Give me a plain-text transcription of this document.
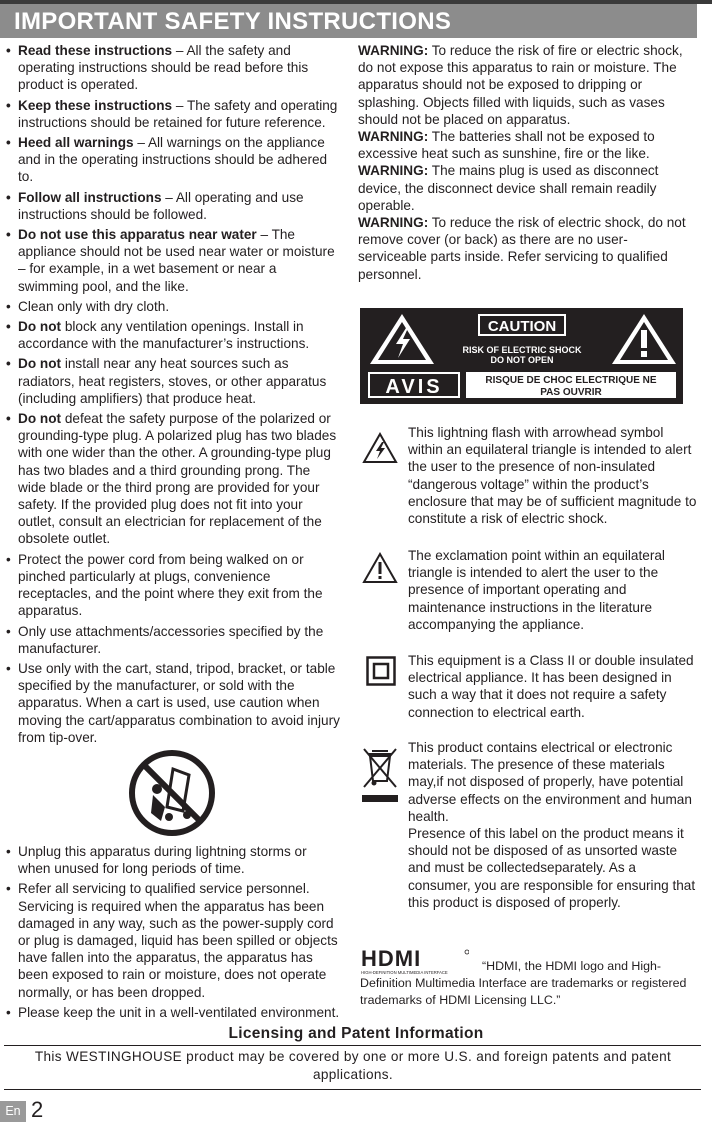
IMPORTANT SAFETY INSTRUCTIONS
• Read these instructions – All the safety and operating instructions should be read before this product is operated.
• Keep these instructions – The safety and operating instructions should be retained for future reference.
• Heed all warnings – All warnings on the appliance and in the operating instructions should be adhered to.
• Follow all instructions – All operating and use instructions should be followed.
• Do not use this apparatus near water – The appliance should not be used near water or moisture – for example, in a wet basement or near a swimming pool, and the like.
• Clean only with dry cloth.
• Do not block any ventilation openings. Install in accordance with the manufacturer’s instructions.
• Do not install near any heat sources such as radiators, heat registers, stoves, or other apparatus (including amplifiers) that produce heat.
• Do not defeat the safety purpose of the polarized or grounding-type plug. A polarized plug has two blades with one wider than the other. A grounding-type plug has two blades and a third grounding prong. The wide blade or the third prong are provided for your safety. If the provided plug does not fit into your outlet, consult an electrician for replacement of the obsolete outlet.
• Protect the power cord from being walked on or pinched particularly at plugs, convenience receptacles, and the point where they exit from the apparatus.
• Only use attachments/accessories specified by the manufacturer.
• Use only with the cart, stand, tripod, bracket, or table specified by the manufacturer, or sold with the apparatus. When a cart is used, use caution when moving the cart/apparatus combination to avoid injury from tip-over.
• Unplug this apparatus during lightning storms or when unused for long periods of time.
• Refer all servicing to qualified service personnel. Servicing is required when the apparatus has been damaged in any way, such as the power-supply cord or plug is damaged, liquid has been spilled or objects have fallen into the apparatus, the apparatus has been exposed to rain or moisture, does not operate normally, or has been dropped.
• Please keep the unit in a well-ventilated environment.
WARNING: To reduce the risk of fire or electric shock, do not expose this apparatus to rain or moisture. The apparatus should not be exposed to dripping or splashing. Objects filled with liquids, such as vases should not be placed on apparatus.
WARNING: The batteries shall not be exposed to excessive heat such as sunshine, fire or the like.
WARNING: The mains plug is used as disconnect device, the disconnect device shall remain readily operable.
WARNING: To reduce the risk of electric shock, do not remove cover (or back) as there are no user-serviceable parts inside. Refer servicing to qualified personnel.
CAUTION
RISK OF ELECTRIC SHOCK
DO NOT OPEN
AVIS	RISQUE DE CHOC ELECTRIQUE NE
PAS OUVRIR
This lightning flash with arrowhead symbol within an equilateral triangle is intended to alert the user to the presence of non-insulated “dangerous voltage” within the product’s enclosure that may be of sufficient magnitude to constitute a risk of electric shock.
The exclamation point within an equilateral triangle is intended to alert the user to the presence of important operating and maintenance instructions in the literature accompanying the appliance.
This equipment is a Class II or double insulated electrical appliance. It has been designed in such a way that it does not require a safety connection to electrical earth.
This product contains electrical or electronic materials. The presence of these materials may,if not disposed of properly, have potential adverse effects on the environment and human health.
Presence of this label on the product means it should not be disposed of as unsorted waste and must be collectedseparately. As a consumer, you are responsible for ensuring that this product is disposed of properly.
HDMI
HIGH-DEFINITION MULTIMEDIA INTERFACE	“HDMI, the HDMI logo and High-Definition Multimedia Interface are trademarks or registered trademarks of HDMI Licensing LLC.”
Licensing and Patent Information
This WESTINGHOUSE product may be covered by one or more U.S. and foreign patents and patent applications.
En 2
